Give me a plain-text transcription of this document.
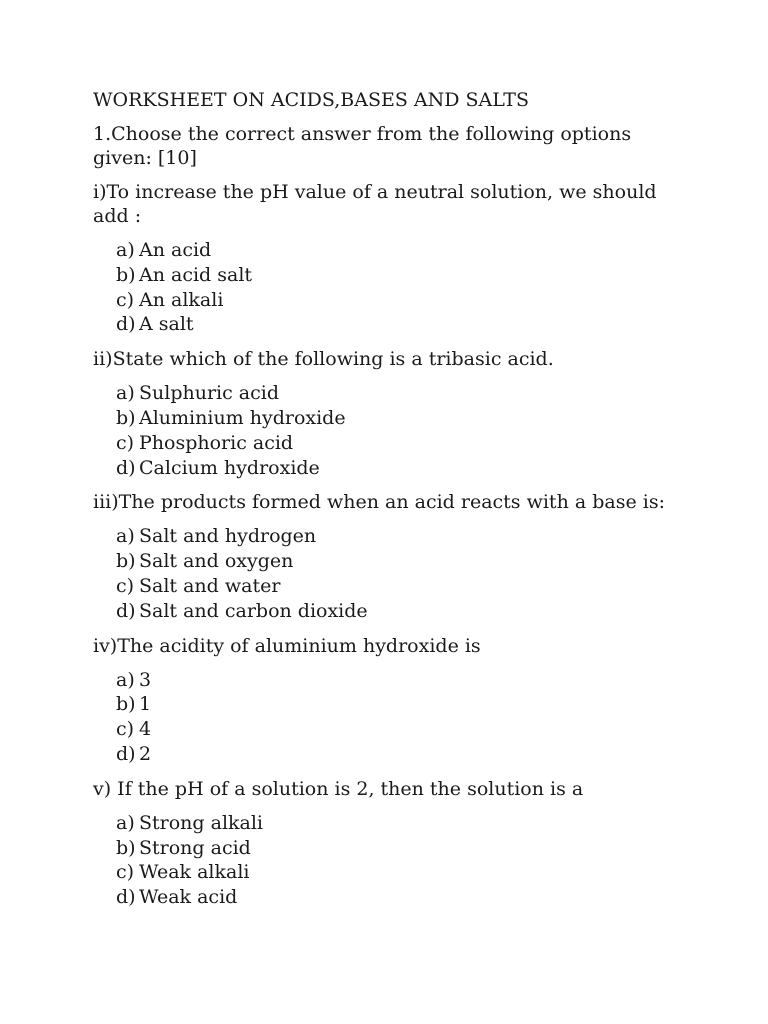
WORKSHEET ON ACIDS,BASES AND SALTS

1.Choose the correct answer from the following options given: [10]

i)To increase the pH value of a neutral solution, we should add :

a) An acid
b) An acid salt
c) An alkali
d) A salt

ii)State which of the following is a tribasic acid.

a) Sulphuric acid
b) Aluminium hydroxide
c) Phosphoric acid
d) Calcium hydroxide

iii)The products formed when an acid reacts with a base is:

a) Salt and hydrogen
b) Salt and oxygen
c) Salt and water
d) Salt and carbon dioxide

iv)The acidity of aluminium hydroxide is

a) 3
b) 1
c) 4
d) 2

v) If the pH of a solution is 2, then the solution is a

a) Strong alkali
b) Strong acid
c) Weak alkali
d) Weak acid
